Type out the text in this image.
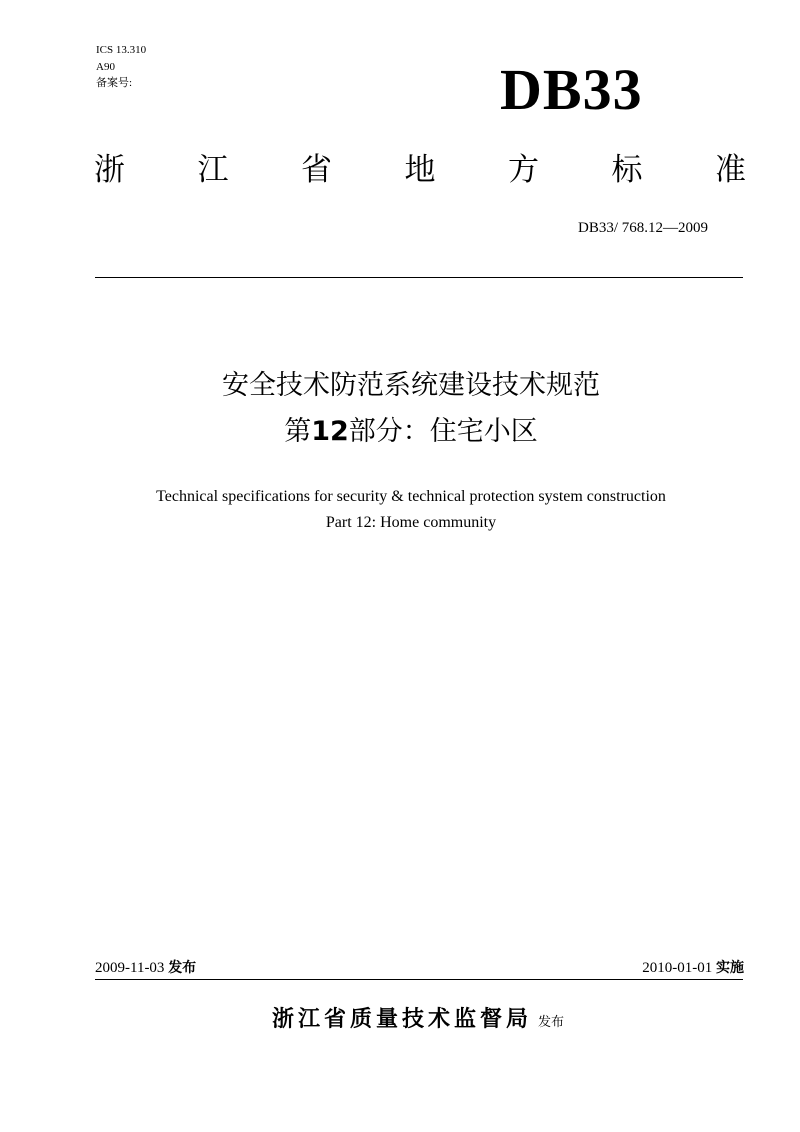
ICS 13.310
A90
备案号:	DB33
浙 江 省 地 方 标 准
DB33/ 768.12—2009
安全技术防范系统建设技术规范
第12部分：住宅小区
Technical specifications for security & technical protection system construction
Part 12: Home community
2009-11-03 发布	2010-01-01 实施
浙江省质量技术监督局 发布
